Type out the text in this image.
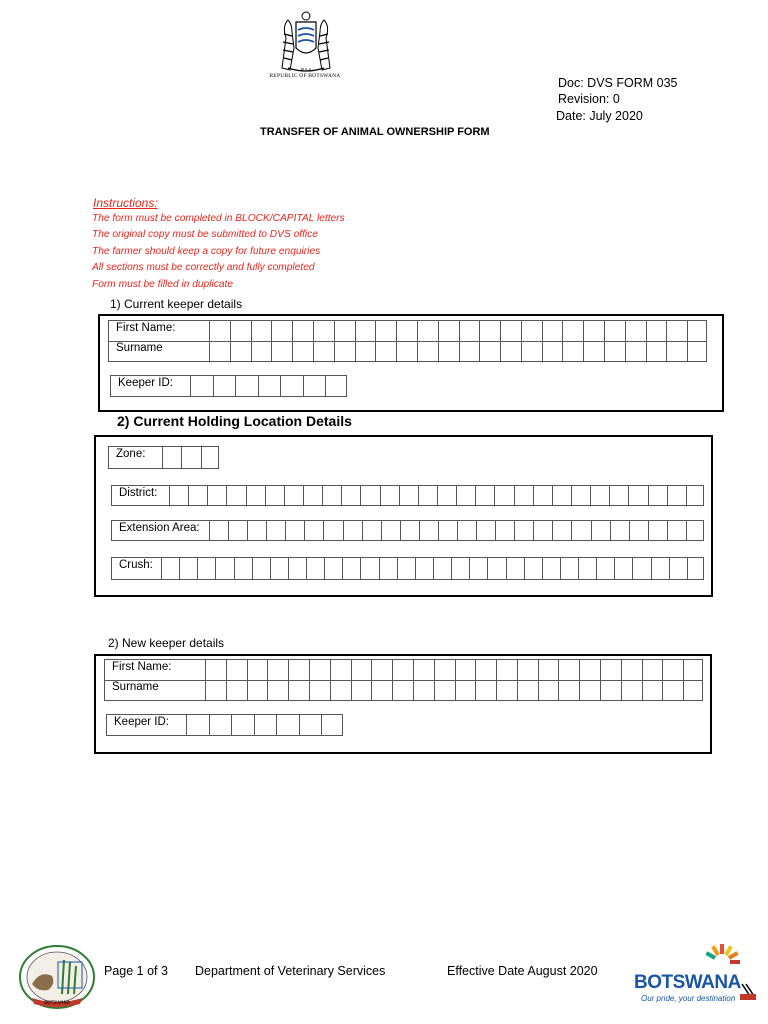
PULA
REPUBLIC OF BOTSWANA	Doc: DVS FORM 035
Revision: 0
Date: July 2020
TRANSFER OF ANIMAL OWNERSHIP FORM
Instructions:
The form must be completed in BLOCK/CAPITAL letters
The original copy must be submitted to DVS office
The farmer should keep a copy for future enquiries
All sections must be correctly and fully completed
Form must be filled in duplicate
1) Current keeper details
First Name:
Surname
Keeper ID:
2) Current Holding Location Details
Zone:
District:
Extension Area:
Crush:
2) New keeper details
First Name:
Surname
Keeper ID:
BOTSWANA
Page 1 of 3 Department of Veterinary Services	Effective Date August 2020
BOTSWANA
Our pride, your destination
